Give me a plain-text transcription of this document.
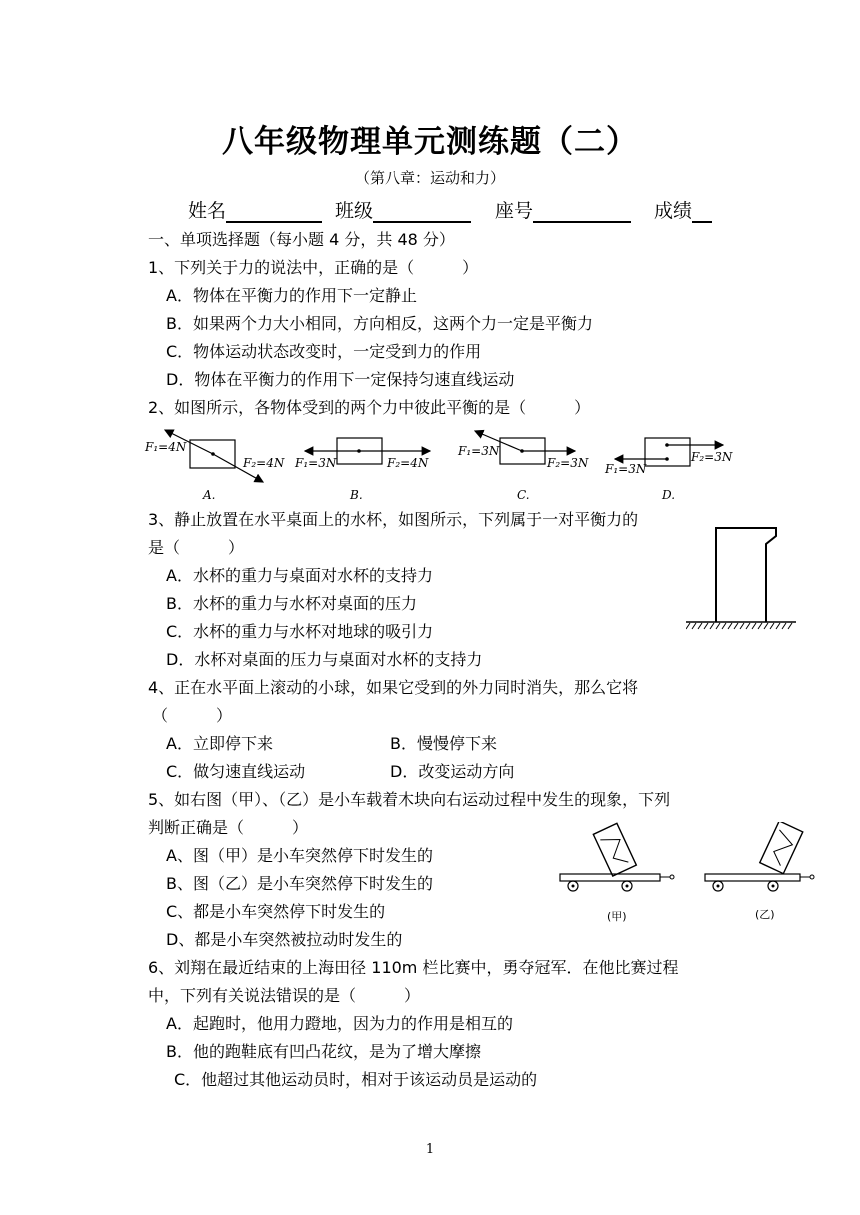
八年级物理单元测练题（二）
（第八章：运动和力）
姓名	班级	座号	成绩
一、单项选择题（每小题 4 分，共 48 分）
1、下列关于力的说法中，正确的是（　　　）
A．物体在平衡力的作用下一定静止
B．如果两个力大小相同，方向相反，这两个力一定是平衡力
C．物体运动状态改变时，一定受到力的作用
D．物体在平衡力的作用下一定保持匀速直线运动
2、如图所示，各物体受到的两个力中彼此平衡的是（　　　）
F₁=4N
F₂=4N
A.
F₁=3N	F₂=4N
B.
F₁=3N
F₂=3N
C.
F₁=3N
F₂=3N
D.
3、静止放置在水平桌面上的水杯，如图所示，下列属于一对平衡力的
是（　　　）
A．水杯的重力与桌面对水杯的支持力
B．水杯的重力与水杯对桌面的压力
C．水杯的重力与水杯对地球的吸引力
D．水杯对桌面的压力与桌面对水杯的支持力
4、正在水平面上滚动的小球，如果它受到的外力同时消失，那么它将
（　　　）
A．立即停下来	B．慢慢停下来
C．做匀速直线运动	D．改变运动方向
5、如右图（甲）、（乙）是小车载着木块向右运动过程中发生的现象，下列
判断正确是（　　　）
A、图（甲）是小车突然停下时发生的
B、图（乙）是小车突然停下时发生的
C、都是小车突然停下时发生的
D、都是小车突然被拉动时发生的
(甲)	(乙)
6、刘翔在最近结束的上海田径 110m 栏比赛中，勇夺冠军．在他比赛过程
中，下列有关说法错误的是（　　　）
A．起跑时，他用力蹬地，因为力的作用是相互的
B．他的跑鞋底有凹凸花纹，是为了增大摩擦
C．他超过其他运动员时，相对于该运动员是运动的
1
